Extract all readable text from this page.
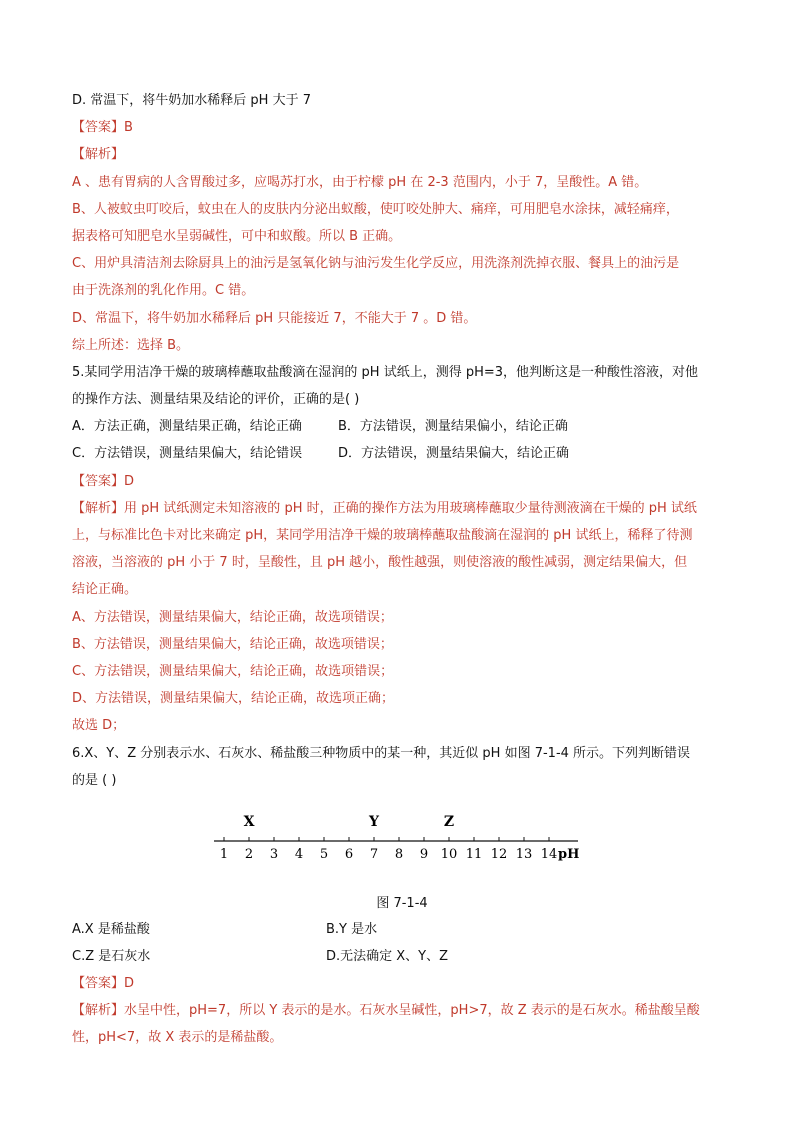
D. 常温下，将牛奶加水稀释后 pH 大于 7
【答案】B
【解析】
A 、患有胃病的人含胃酸过多，应喝苏打水，由于柠檬 pH 在 2-3 范围内，小于 7，呈酸性。A 错。
B、人被蚊虫叮咬后，蚊虫在人的皮肤内分泌出蚁酸，使叮咬处肿大、痛痒，可用肥皂水涂抹，减轻痛痒，
据表格可知肥皂水呈弱碱性，可中和蚁酸。所以 B 正确。
C、用炉具清洁剂去除厨具上的油污是氢氧化钠与油污发生化学反应，用洗涤剂洗掉衣服、餐具上的油污是
由于洗涤剂的乳化作用。C 错。
D、常温下，将牛奶加水稀释后 pH 只能接近 7，不能大于 7 。D 错。
综上所述：选择 B。
5.某同学用洁净干燥的玻璃棒蘸取盐酸滴在湿润的 pH 试纸上，测得 pH=3，他判断这是一种酸性溶液，对他
的操作方法、测量结果及结论的评价，正确的是( )
A．方法正确，测量结果正确，结论正确	B．方法错误，测量结果偏小，结论正确
C．方法错误，测量结果偏大，结论错误	D．方法错误，测量结果偏大，结论正确
【答案】D
【解析】用 pH 试纸测定未知溶液的 pH 时，正确的操作方法为用玻璃棒蘸取少量待测液滴在干燥的 pH 试纸
上，与标准比色卡对比来确定 pH，某同学用洁净干燥的玻璃棒蘸取盐酸滴在湿润的 pH 试纸上，稀释了待测
溶液，当溶液的 pH 小于 7 时，呈酸性，且 pH 越小，酸性越强，则使溶液的酸性减弱，测定结果偏大，但
结论正确。
A、方法错误，测量结果偏大，结论正确，故选项错误；
B、方法错误，测量结果偏大，结论正确，故选项错误；
C、方法错误，测量结果偏大，结论正确，故选项错误；
D、方法错误，测量结果偏大，结论正确，故选项正确；
故选 D；
6.X、Y、Z 分别表示水、石灰水、稀盐酸三种物质中的某一种，其近似 pH 如图 7-1-4 所示。下列判断错误
的是 ( )
1 2 3 4 5 6 7 8 9 10 11 12 13 14 pH
X	Y	Z
图 7-1-4
A.X 是稀盐酸	B.Y 是水
C.Z 是石灰水	D.无法确定 X、Y、Z
【答案】D
【解析】水呈中性，pH=7，所以 Y 表示的是水。石灰水呈碱性，pH>7，故 Z 表示的是石灰水。稀盐酸呈酸
性，pH<7，故 X 表示的是稀盐酸。
